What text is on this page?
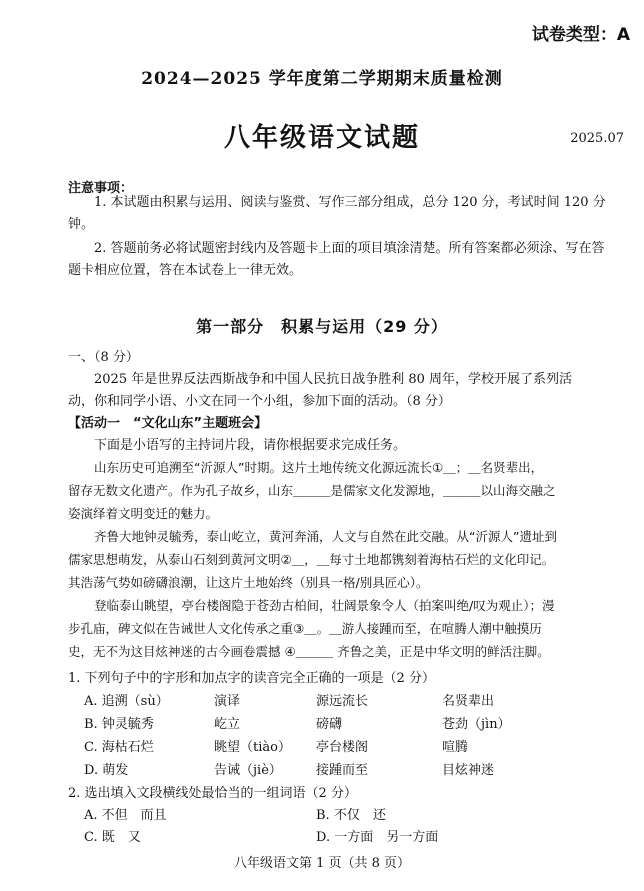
试卷类型：A
2024—2025 学年度第二学期期末质量检测
八年级语文试题	2025.07
注意事项：
1. 本试题由积累与运用、阅读与鉴赏、写作三部分组成，总分 120 分，考试时间 120 分钟。
2. 答题前务必将试题密封线内及答题卡上面的项目填涂清楚。所有答案都必须涂、写在答题卡相应位置，答在本试卷上一律无效。
第一部分　积累与运用（29 分）
一、（8 分）
2025 年是世界反法西斯战争和中国人民抗日战争胜利 80 周年，学校开展了系列活
动，你和同学小语、小文在同一个小组，参加下面的活动。（8 分）
【活动一　“文化山东”主题班会】
下面是小语写的主持词片段，请你根据要求完成任务。
山东历史可追溯至“沂源人”时期。这片土地传统文化源远流长①＿；＿名贤辈出，
留存无数文化遗产。作为孔子故乡，山东＿＿＿是儒家文化发源地，＿＿＿以山海交融之
姿演绎着文明变迁的魅力。
齐鲁大地钟灵毓秀，泰山屹立，黄河奔涌，人文与自然在此交融。从“沂源人”遗址到
儒家思想萌发，从泰山石刻到黄河文明②＿，＿每寸土地都镌刻着海枯石烂的文化印记。
其浩荡气势如磅礴浪潮，让这片土地始终（别具一格/别具匠心）。
登临泰山眺望，亭台楼阁隐于苍劲古柏间，壮阔景象令人（拍案叫绝/叹为观止）；漫
步孔庙，碑文似在告诫世人文化传承之重③＿。＿游人接踵而至，在喧腾人潮中触摸历
史，无不为这目炫神迷的古今画卷震撼 ④＿＿＿ 齐鲁之美，正是中华文明的鲜活注脚。
1. 下列句子中的字形和加点字的读音完全正确的一项是（2 分）
A. 追溯（sù）	演译	源远流长	名贤辈出
B. 钟灵毓秀	屹立	磅礴	苍劲（jìn）
C. 海枯石烂	眺望（tiào） 亭台楼阁	喧腾
D. 萌发	告诫（jiè）	接踵而至	目炫神迷
2. 选出填入文段横线处最恰当的一组词语（2 分）
A. 不但　而且	B. 不仅　还
C. 既　又	D. 一方面　另一方面
八年级语文第 1 页（共 8 页）
